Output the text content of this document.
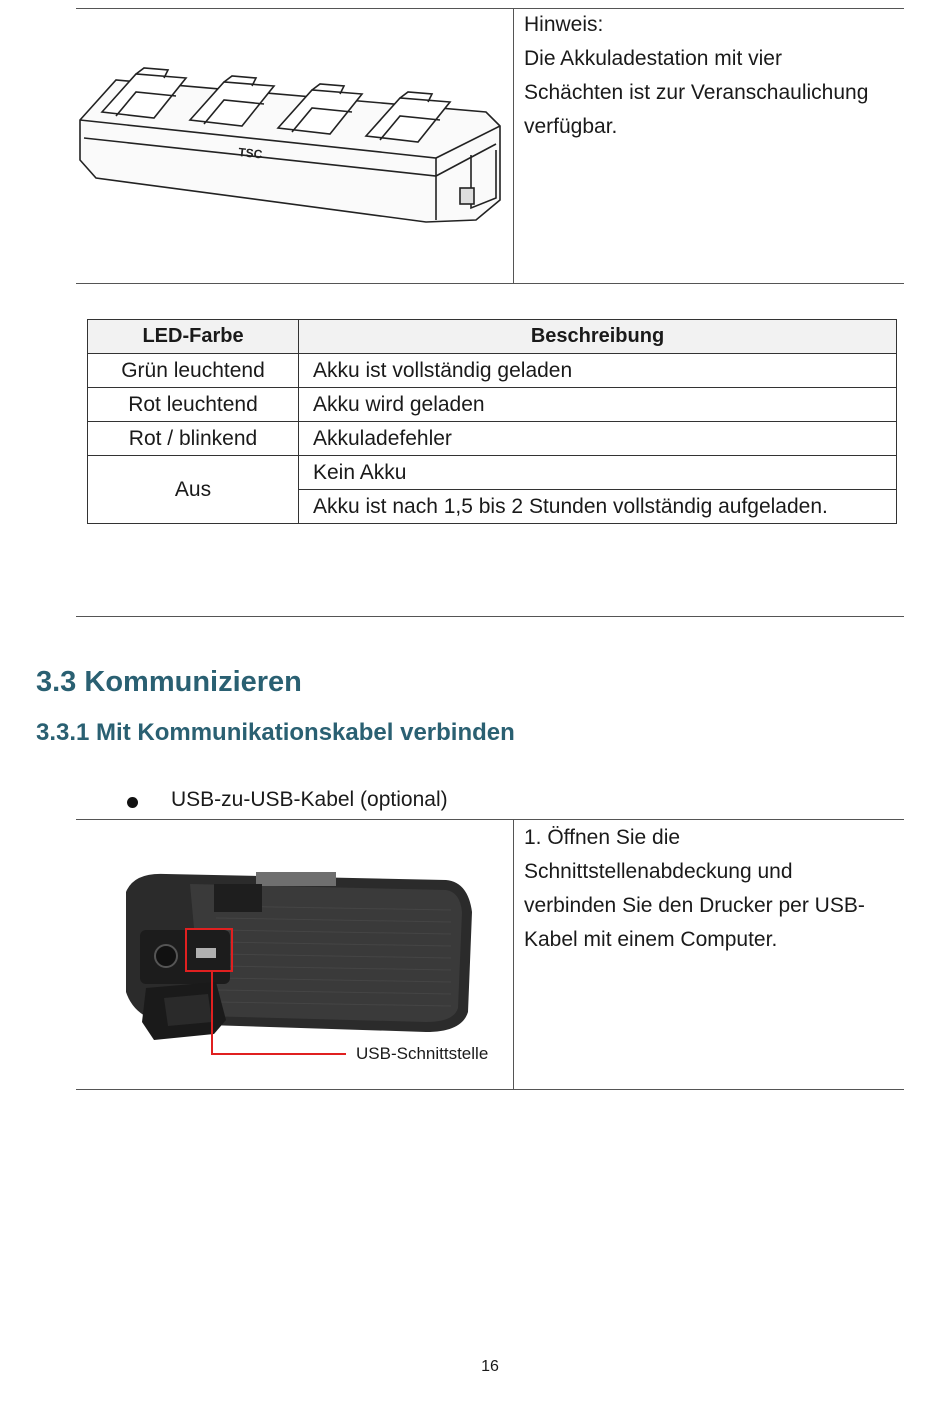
TSC
Hinweis:
Die Akkuladestation mit vier
Schächten ist zur Veranschaulichung
verfügbar.
LED-Farbe	Beschreibung
Grün leuchtend	Akku ist vollständig geladen
Rot leuchtend	Akku wird geladen
Rot / blinkend	Akkuladefehler
Aus	Kein Akku
	Akku ist nach 1,5 bis 2 Stunden vollständig aufgeladen.
3.3 Kommunizieren
3.3.1 Mit Kommunikationskabel verbinden
USB-zu-USB-Kabel (optional)
USB-Schnittstelle
1. Öffnen Sie die
Schnittstellenabdeckung und
verbinden Sie den Drucker per USB-
Kabel mit einem Computer.
16
